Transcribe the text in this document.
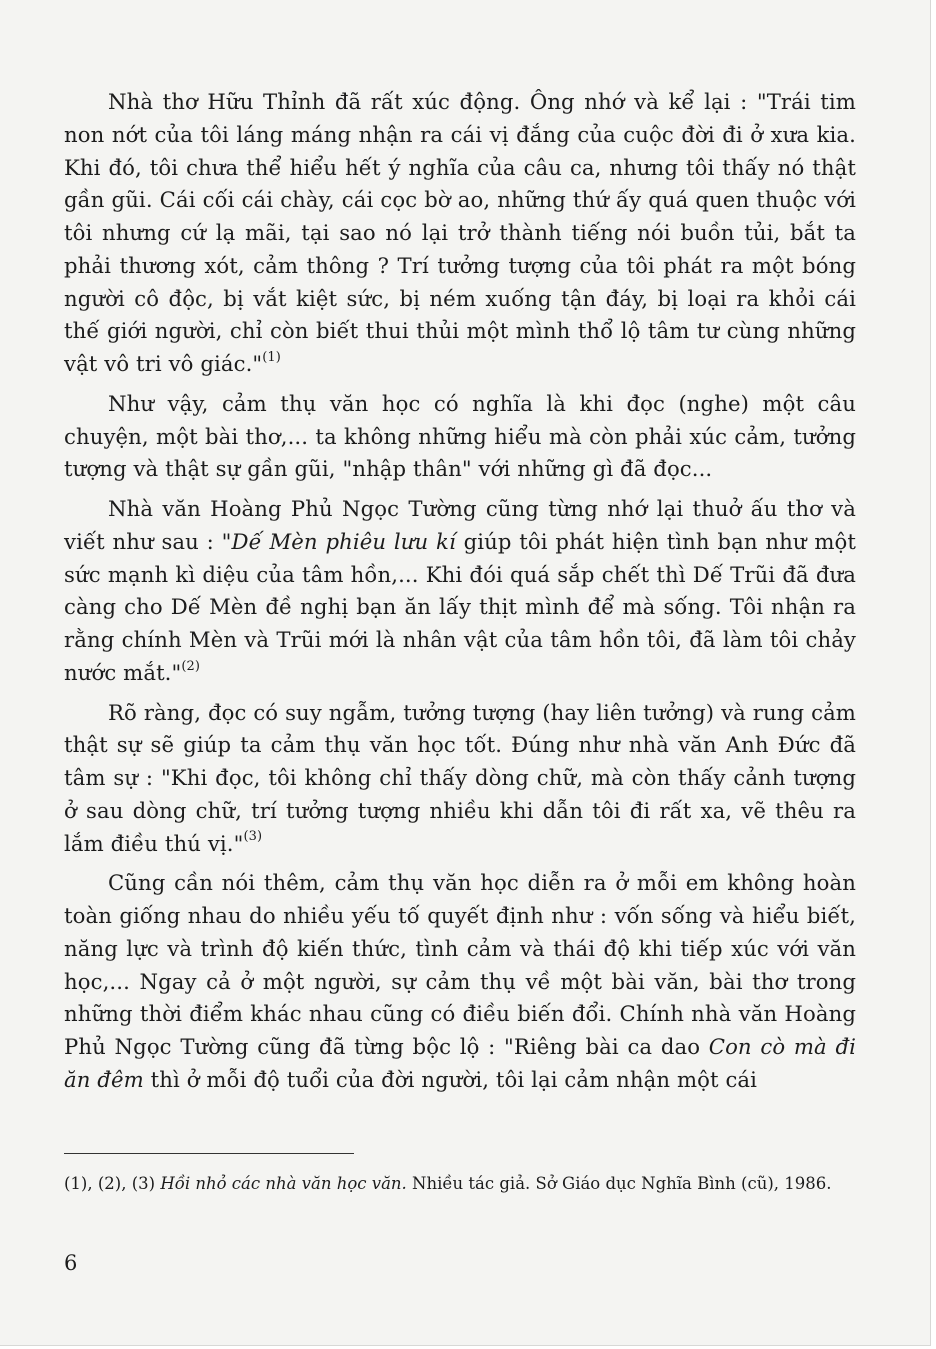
Nhà thơ Hữu Thỉnh đã rất xúc động. Ông nhớ và kể lại : "Trái tim non nớt của tôi láng máng nhận ra cái vị đắng của cuộc đời đi ở xưa kia. Khi đó, tôi chưa thể hiểu hết ý nghĩa của câu ca, nhưng tôi thấy nó thật gần gũi. Cái cối cái chày, cái cọc bờ ao, những thứ ấy quá quen thuộc với tôi nhưng cứ lạ mãi, tại sao nó lại trở thành tiếng nói buồn tủi, bắt ta phải thương xót, cảm thông ? Trí tưởng tượng của tôi phát ra một bóng người cô độc, bị vắt kiệt sức, bị ném xuống tận đáy, bị loại ra khỏi cái thế giới người, chỉ còn biết thui thủi một mình thổ lộ tâm tư cùng những vật vô tri vô giác."$^{(1)}$

Như vậy, cảm thụ văn học có nghĩa là khi đọc (nghe) một câu chuyện, một bài thơ,... ta không những hiểu mà còn phải xúc cảm, tưởng tượng và thật sự gần gũi, "nhập thân" với những gì đã đọc...

Nhà văn Hoàng Phủ Ngọc Tường cũng từng nhớ lại thuở ấu thơ và viết như sau : "Dế Mèn phiêu lưu kí giúp tôi phát hiện tình bạn như một sức mạnh kì diệu của tâm hồn,... Khi đói quá sắp chết thì Dế Trũi đã đưa càng cho Dế Mèn đề nghị bạn ăn lấy thịt mình để mà sống. Tôi nhận ra rằng chính Mèn và Trũi mới là nhân vật của tâm hồn tôi, đã làm tôi chảy nước mắt."$^{(2)}$

Rõ ràng, đọc có suy ngẫm, tưởng tượng (hay liên tưởng) và rung cảm thật sự sẽ giúp ta cảm thụ văn học tốt. Đúng như nhà văn Anh Đức đã tâm sự : "Khi đọc, tôi không chỉ thấy dòng chữ, mà còn thấy cảnh tượng ở sau dòng chữ, trí tưởng tượng nhiều khi dẫn tôi đi rất xa, vẽ thêu ra lắm điều thú vị."$^{(3)}$

Cũng cần nói thêm, cảm thụ văn học diễn ra ở mỗi em không hoàn toàn giống nhau do nhiều yếu tố quyết định như : vốn sống và hiểu biết, năng lực và trình độ kiến thức, tình cảm và thái độ khi tiếp xúc với văn học,... Ngay cả ở một người, sự cảm thụ về một bài văn, bài thơ trong những thời điểm khác nhau cũng có điều biến đổi. Chính nhà văn Hoàng Phủ Ngọc Tường cũng đã từng bộc lộ : "Riêng bài ca dao Con cò mà đi ăn đêm thì ở mỗi độ tuổi của đời người, tôi lại cảm nhận một cái

(1), (2), (3) Hồi nhỏ các nhà văn học văn. Nhiều tác giả. Sở Giáo dục Nghĩa Bình (cũ), 1986.
6
